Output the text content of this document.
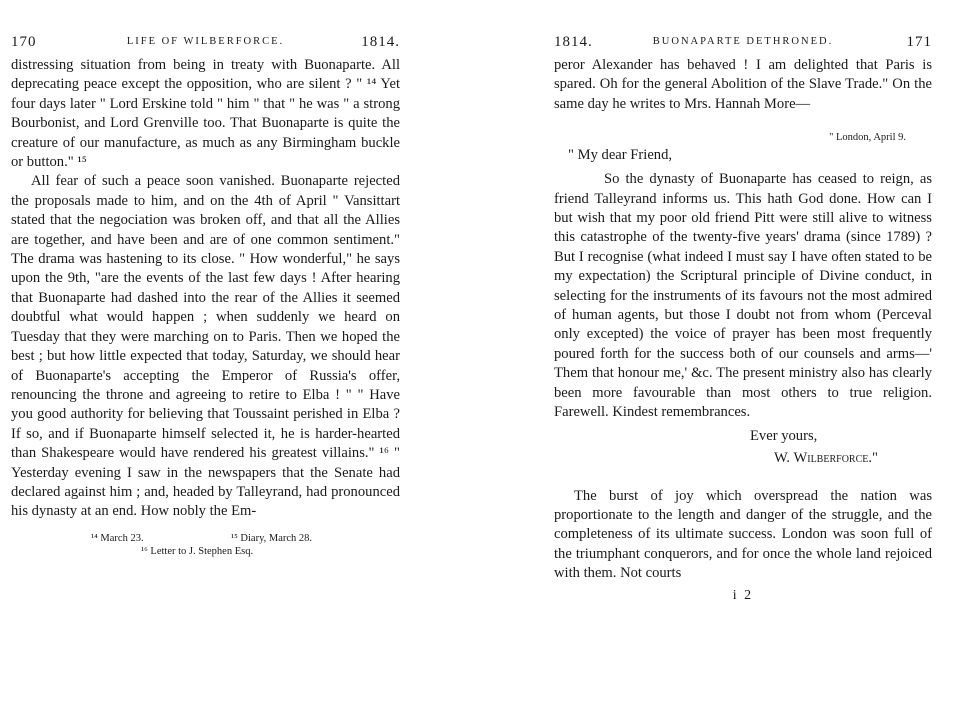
170	LIFE OF WILBERFORCE.	1814.

distressing situation from being in treaty with Buonaparte. All deprecating peace except the opposition, who are silent ? " ¹⁴ Yet four days later " Lord Erskine told " him " that " he was " a strong Bourbonist, and Lord Grenville too. That Buonaparte is quite the creature of our manufacture, as much as any Birmingham buckle or button." ¹⁵

All fear of such a peace soon vanished. Buonaparte rejected the proposals made to him, and on the 4th of April " Vansittart stated that the negociation was broken off, and that all the Allies are together, and have been and are of one common sentiment." The drama was hastening to its close. " How wonderful," he says upon the 9th, "are the events of the last few days ! After hearing that Buonaparte had dashed into the rear of the Allies it seemed doubtful what would happen ; when suddenly we heard on Tuesday that they were marching on to Paris. Then we hoped the best ; but how little expected that today, Saturday, we should hear of Buonaparte's accepting the Emperor of Russia's offer, renouncing the throne and agreeing to retire to Elba ! " " Have you good authority for believing that Toussaint perished in Elba ? If so, and if Buonaparte himself selected it, he is harder-hearted than Shakespeare would have rendered his greatest villains." ¹⁶ " Yesterday evening I saw in the newspapers that the Senate had declared against him ; and, headed by Talleyrand, had pronounced his dynasty at an end. How nobly the Em-

¹⁴ March 23.	¹⁵ Diary, March 28.
¹⁶ Letter to J. Stephen Esq.
1814.	BUONAPARTE DETHRONED.	171

peror Alexander has behaved ! I am delighted that Paris is spared. Oh for the general Abolition of the Slave Trade." On the same day he writes to Mrs. Hannah More—

" London, April 9.
" My dear Friend,

So the dynasty of Buonaparte has ceased to reign, as friend Talleyrand informs us. This hath God done. How can I but wish that my poor old friend Pitt were still alive to witness this catastrophe of the twenty-five years' drama (since 1789) ? But I recognise (what indeed I must say I have often stated to be my expectation) the Scriptural principle of Divine conduct, in selecting for the instruments of its favours not the most admired of human agents, but those I doubt not from whom (Perceval only excepted) the voice of prayer has been most frequently poured forth for the success both of our counsels and arms—' Them that honour me,' &c. The present ministry also has clearly been more favourable than most others to true religion. Farewell. Kindest remembrances.

Ever yours,
W. Wilberforce."

The burst of joy which overspread the nation was proportionate to the length and danger of the struggle, and the completeness of its ultimate success. London was soon full of the triumphant conquerors, and for once the whole land rejoiced with them. Not courts

i 2
